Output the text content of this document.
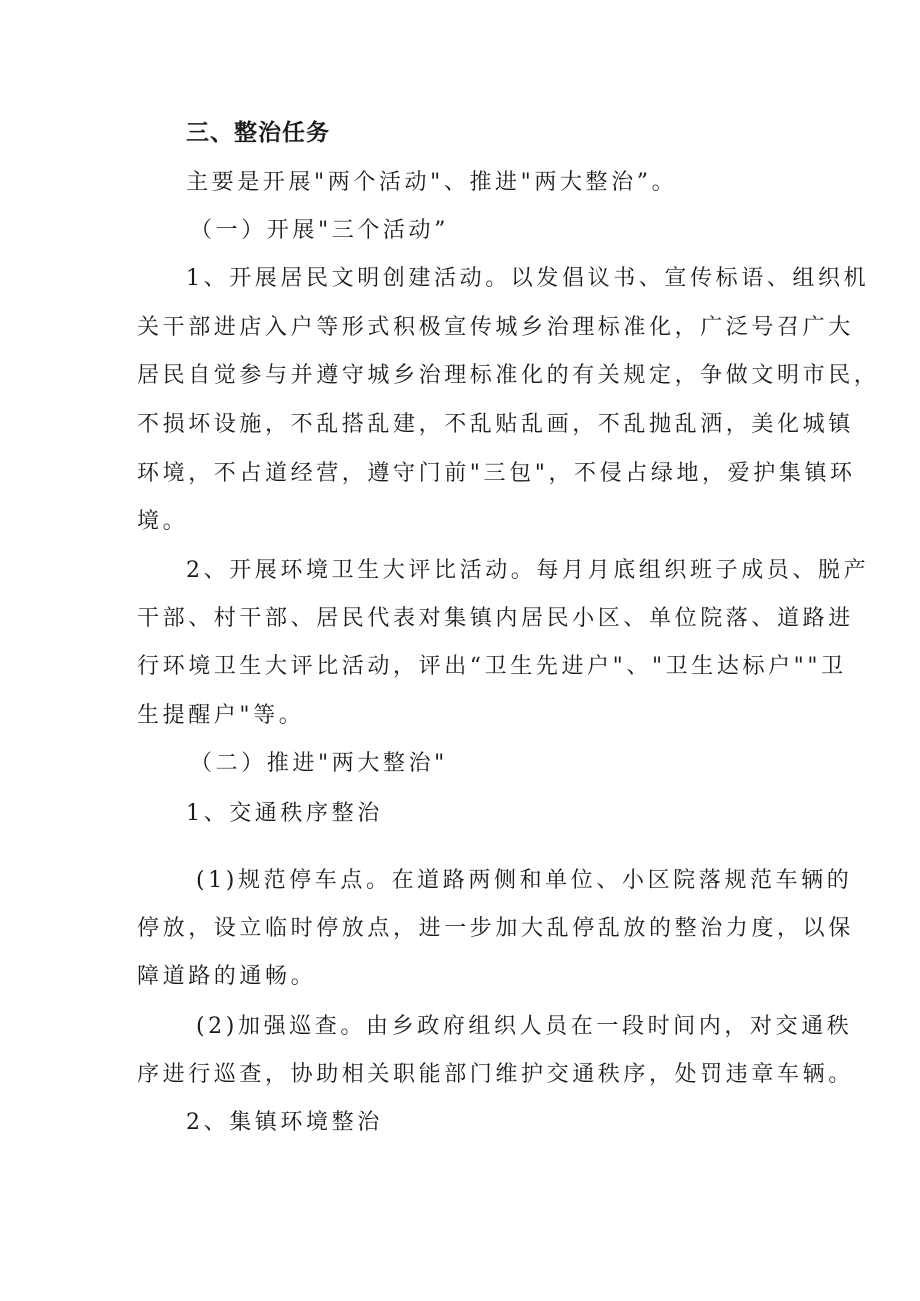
三、整治任务
主要是开展"两个活动"、推进"两大整治”。
（一）开展"三个活动”
1、开展居民文明创建活动。以发倡议书、宣传标语、组织机
关干部进店入户等形式积极宣传城乡治理标准化，广泛号召广大
居民自觉参与并遵守城乡治理标准化的有关规定，争做文明市民，
不损坏设施，不乱搭乱建，不乱贴乱画，不乱抛乱洒，美化城镇
环境，不占道经营，遵守门前"三包"，不侵占绿地，爱护集镇环
境。
2、开展环境卫生大评比活动。每月月底组织班子成员、脱产
干部、村干部、居民代表对集镇内居民小区、单位院落、道路进
行环境卫生大评比活动，评出“卫生先进户"、"卫生达标户""卫
生提醒户"等。
（二）推进"两大整治"
1、交通秩序整治
(1)规范停车点。在道路两侧和单位、小区院落规范车辆的
停放，设立临时停放点，进一步加大乱停乱放的整治力度，以保
障道路的通畅。
(2)加强巡查。由乡政府组织人员在一段时间内，对交通秩
序进行巡查，协助相关职能部门维护交通秩序，处罚违章车辆。
2、集镇环境整治
